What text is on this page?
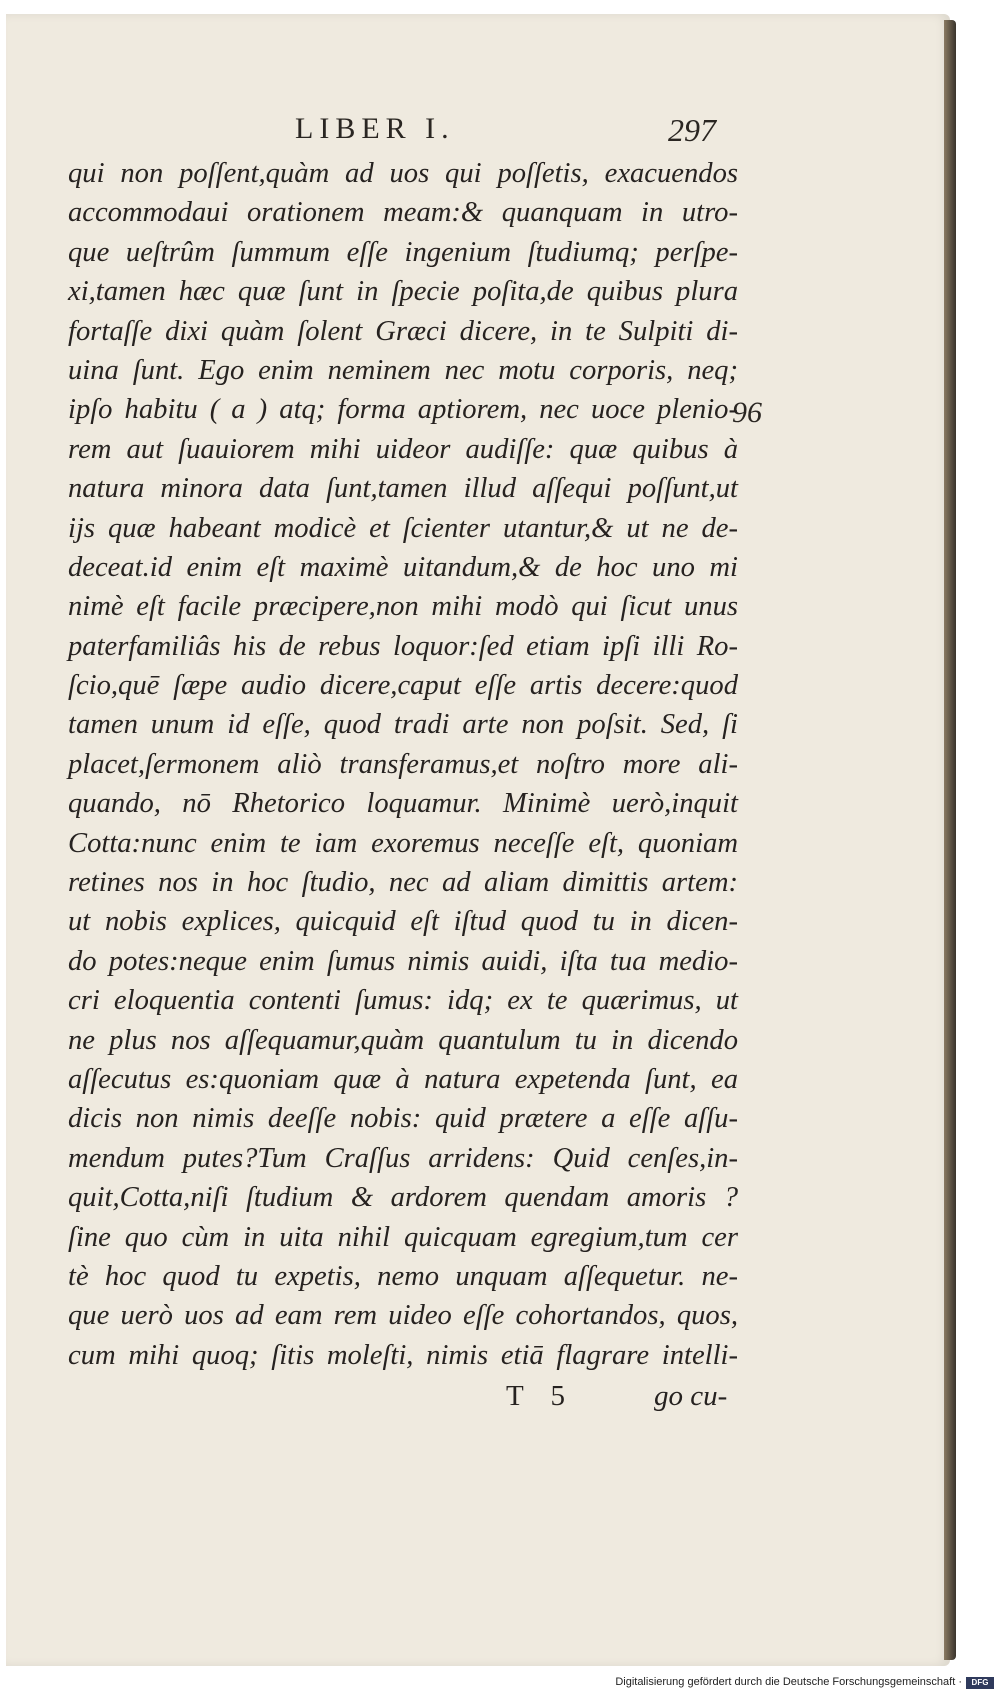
LIBER I.	297
96
qui non poſſent,quàm ad uos qui poſſetis, exacuendos
accommodaui orationem meam:& quanquam in utro-
que ueſtrûm ſummum eſſe ingenium ſtudiumq; perſpe-
xi,tamen hæc quæ ſunt in ſpecie poſita,de quibus plura
fortaſſe dixi quàm ſolent Græci dicere, in te Sulpiti di-
uina ſunt. Ego enim neminem nec motu corporis, neq;
ipſo habitu ( a ) atq; forma aptiorem, nec uoce plenio-
rem aut ſuauiorem mihi uideor audiſſe: quæ quibus à
natura minora data ſunt,tamen illud aſſequi poſſunt,ut
ijs quæ habeant modicè et ſcienter utantur,& ut ne de-
deceat.id enim eſt maximè uitandum,& de hoc uno mi
nimè eſt facile præcipere,non mihi modò qui ſicut unus
paterfamiliâs his de rebus loquor:ſed etiam ipſi illi Ro-
ſcio,quē ſæpe audio dicere,caput eſſe artis decere:quod
tamen unum id eſſe, quod tradi arte non poſsit. Sed, ſi
placet,ſermonem aliò transferamus,et noſtro more ali-
quando, nō Rhetorico loquamur. Minimè uerò,inquit
Cotta:nunc enim te iam exoremus neceſſe eſt, quoniam
retines nos in hoc ſtudio, nec ad aliam dimittis artem:
ut nobis explices, quicquid eſt iſtud quod tu in dicen-
do potes:neque enim ſumus nimis auidi, iſta tua medio-
cri eloquentia contenti ſumus: idq; ex te quærimus, ut
ne plus nos aſſequamur,quàm quantulum tu in dicendo
aſſecutus es:quoniam quæ à natura expetenda ſunt, ea
dicis non nimis deeſſe nobis: quid prætere a eſſe aſſu-
mendum putes?Tum Craſſus arridens: Quid cenſes,in-
quit,Cotta,niſi ſtudium & ardorem quendam amoris ?
ſine quo cùm in uita nihil quicquam egregium,tum cer
tè hoc quod tu expetis, nemo unquam aſſequetur. ne-
que uerò uos ad eam rem uideo eſſe cohortandos, quos,
cum mihi quoq; ſitis moleſti, nimis etiā flagrare intelli-
T 5	go cu-
Digitalisierung gefördert durch die Deutsche Forschungsgemeinschaft ·	DFG
